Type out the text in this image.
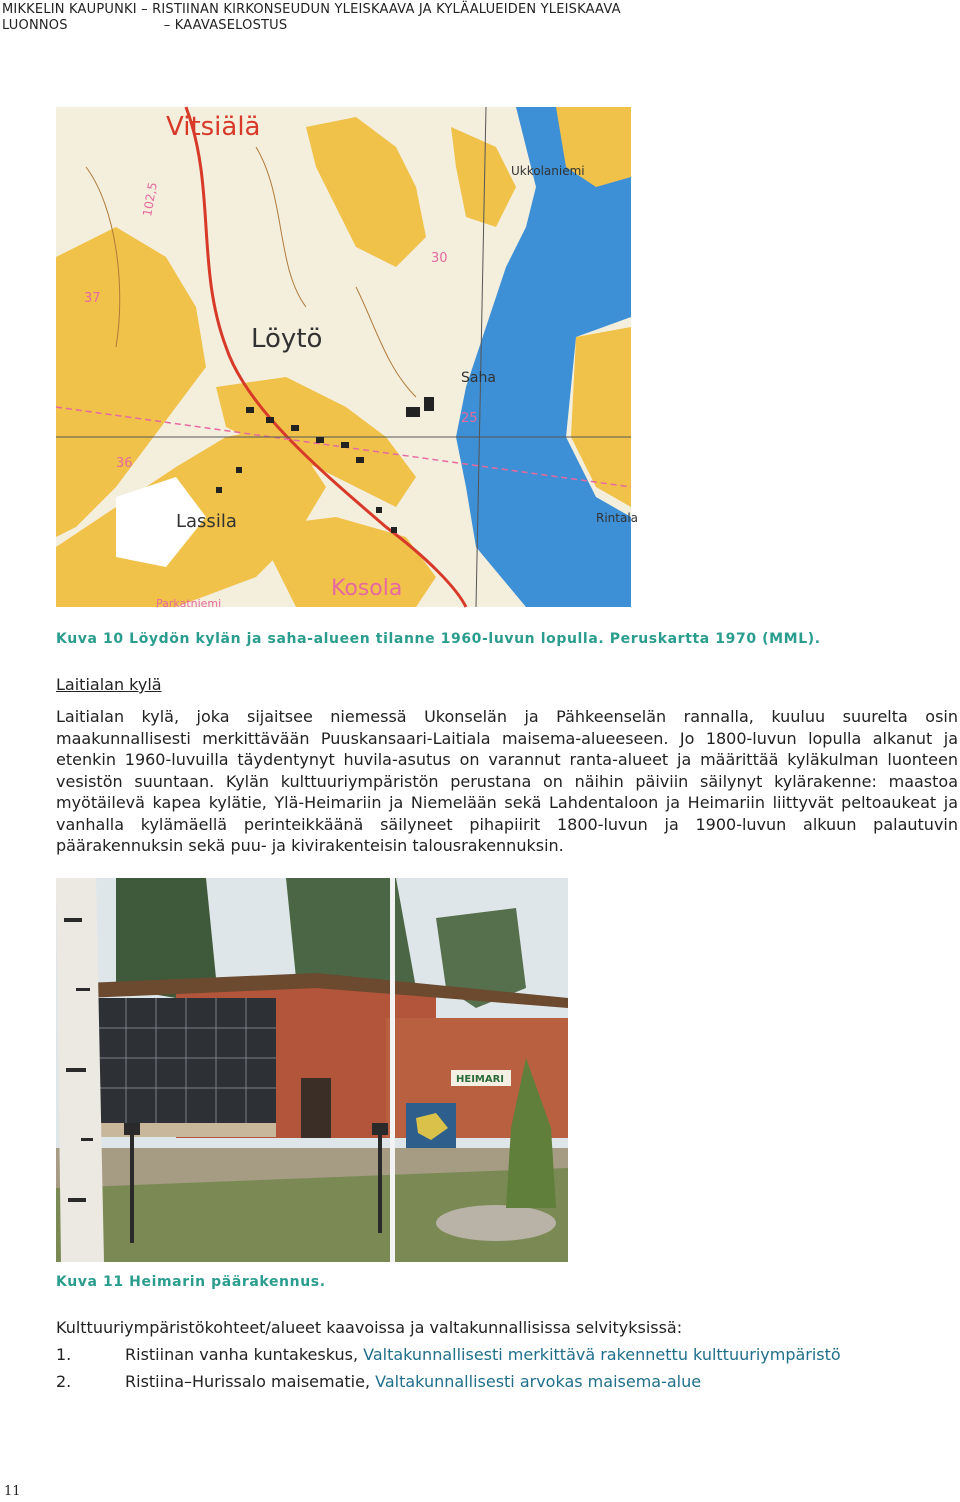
MIKKELIN KAUPUNKI – RISTIINAN KIRKONSEUDUN YLEISKAAVA JA KYLÄALUEIDEN YLEISKAAVA
LUONNOS	– KAAVASELOSTUS
Vitsiälä
Löytö
Saha
Lassila
Kosola
Parkatniemi
Rintala
Ukkolaniemi
37
36
30
25
102,5
Kuva 10 Löydön kylän ja saha-alueen tilanne 1960-luvun lopulla. Peruskartta 1970 (MML).
Laitialan kylä
Laitialan kylä, joka sijaitsee niemessä Ukonselän ja Pähkeenselän rannalla, kuuluu suurelta osin maakunnallisesti merkittävään Puuskansaari-Laitiala maisema-alueeseen. Jo 1800-luvun lopulla alkanut ja etenkin 1960-luvuilla täydentynyt huvila-asutus on varannut ranta-alueet ja määrittää kyläkulman luonteen vesistön suuntaan. Kylän kulttuuriympäristön perustana on näihin päiviin säilynyt kylärakenne: maastoa myötäilevä kapea kylätie, Ylä-Heimariin ja Niemelään sekä Lahdentaloon ja Heimariin liittyvät peltoaukeat ja vanhalla kylämäellä perinteikkäänä säilyneet pihapiirit 1800-luvun ja 1900-luvun alkuun palautuvin päärakennuksin sekä puu- ja kivirakenteisin talousrakennuksin.
HEIMARI
Kuva 11 Heimarin päärakennus.
Kulttuuriympäristökohteet/alueet kaavoissa ja valtakunnallisissa selvityksissä:
1.	Ristiinan vanha kuntakeskus, Valtakunnallisesti merkittävä rakennettu kulttuuriympäristö
2.	Ristiina–Hurissalo maisematie, Valtakunnallisesti arvokas maisema-alue
11
